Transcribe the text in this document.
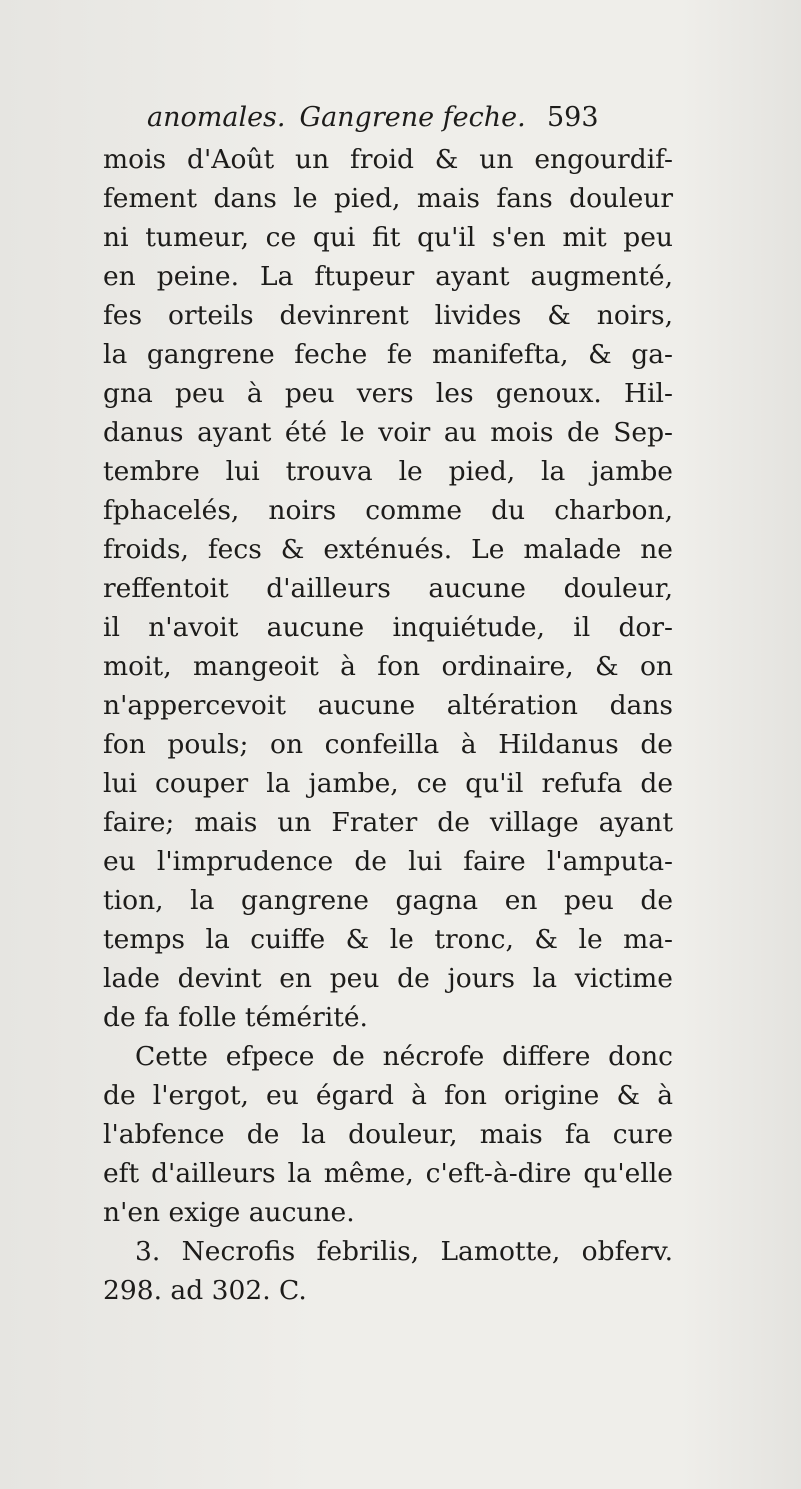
anomales. Gangrene feche. 593
mois d'Août un froid & un engourdif-
fement dans le pied, mais fans douleur
ni tumeur, ce qui fit qu'il s'en mit peu
en peine. La ftupeur ayant augmenté,
fes orteils devinrent livides & noirs,
la gangrene feche fe manifefta, & ga-
gna peu à peu vers les genoux. Hil-
danus ayant été le voir au mois de Sep-
tembre lui trouva le pied, la jambe
fphacelés, noirs comme du charbon,
froids, fecs & exténués. Le malade ne
reffentoit d'ailleurs aucune douleur,
il n'avoit aucune inquiétude, il dor-
moit, mangeoit à fon ordinaire, & on
n'appercevoit aucune altération dans
fon pouls; on confeilla à Hildanus de
lui couper la jambe, ce qu'il refufa de
faire; mais un Frater de village ayant
eu l'imprudence de lui faire l'amputa-
tion, la gangrene gagna en peu de
temps la cuiffe & le tronc, & le ma-
lade devint en peu de jours la victime
de fa folle témérité.
Cette efpece de nécrofe differe donc
de l'ergot, eu égard à fon origine & à
l'abfence de la douleur, mais fa cure
eft d'ailleurs la même, c'eft-à-dire qu'elle
n'en exige aucune.
3. Necrofis febrilis, Lamotte, obferv.
298. ad 302. C.
